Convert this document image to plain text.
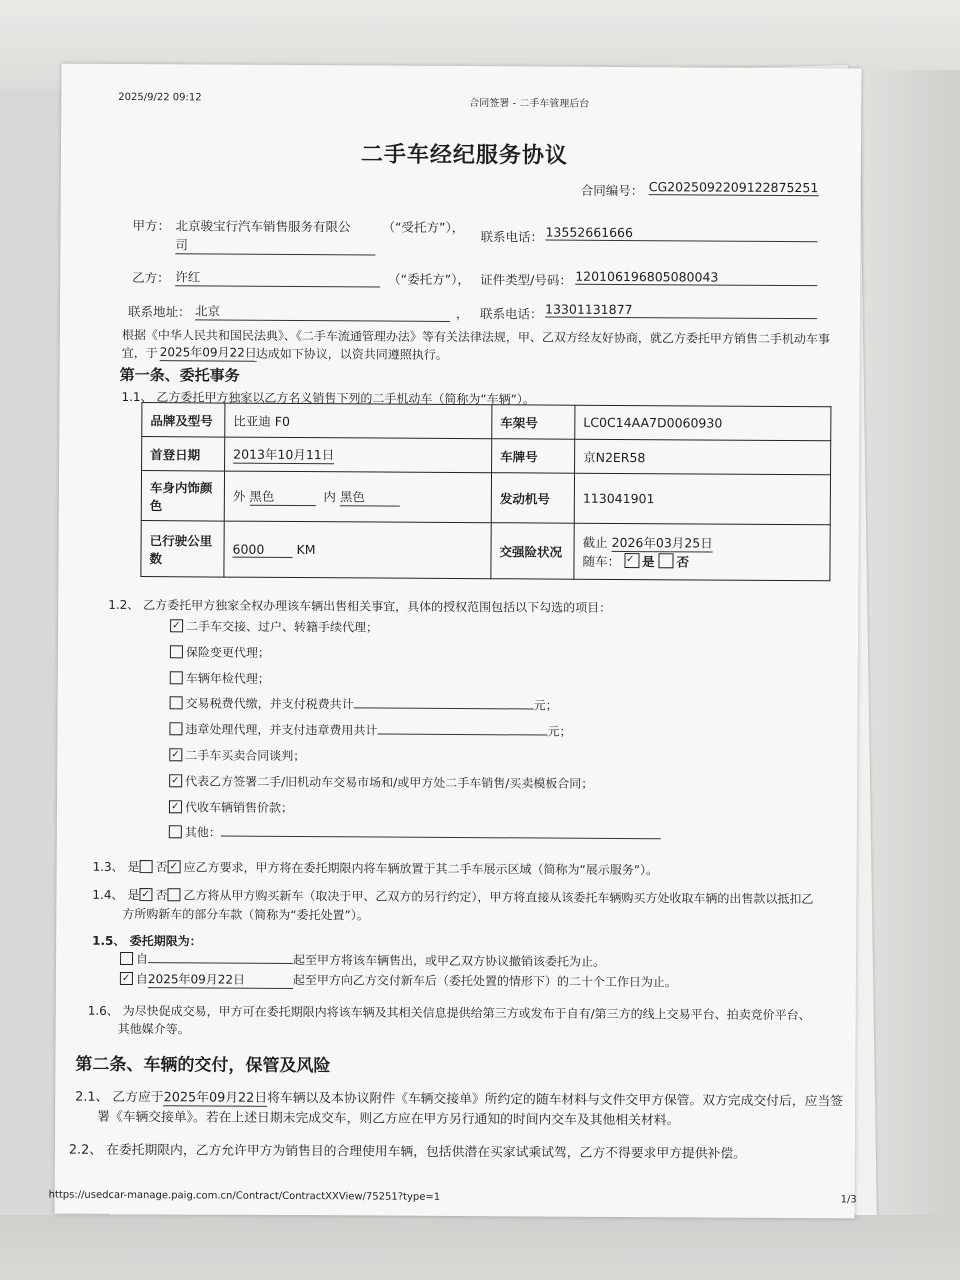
2025/9/22 09:12
合同签署 - 二手车管理后台
二手车经纪服务协议
合同编号： CG2025092209122875251
甲方： 北京骏宝行汽车销售服务有限公
司
（“受托方”），
联系电话： 13552661666
乙方： 许红	（“委托方”）， 证件类型/号码： 120106196805080043
联系地址： 北京	， 联系电话： 13301131877
根据《中华人民共和国民法典》、《二手车流通管理办法》等有关法律法规，甲、乙双方经友好协商，就乙方委托甲方销售二手机动车事
宜，于 2025年09月22日
达成如下协议，以资共同遵照执行。
第一条、委托事务
1.1、 乙方委托甲方独家以乙方名义销售下列的二手机动车（简称为“车辆”）。
品牌及型号	比亚迪 F0	车架号	LC0C14AA7D0060930
首登日期	2013年10月11日	车牌号	京N2ER58
车身内饰颜
色	外 黑色 内 黑色	发动机号	113041901
已行驶公里
数	6000 KM	交强险状况	截止 2026年03月25日
随车： ✓ 是 否
1.2、 乙方委托甲方独家全权办理该车辆出售相关事宜，具体的授权范围包括以下勾选的项目：
✓二手车交接、过户、转籍手续代理；
保险变更代理；
车辆年检代理；
交易税费代缴，并支付税费共计	元；
违章处理代理，并支付违章费用共计	元；
✓二手车买卖合同谈判；
✓代表乙方签署二手/旧机动车交易市场和/或甲方处二手车销售/买卖模板合同；
✓代收车辆销售价款；
其他：
1.3、 是 否 ✓ 应乙方要求，甲方将在委托期限内将车辆放置于其二手车展示区域（简称为“展示服务”）。
1.4、 是 ✓ 否 乙方将从甲方购买新车（取决于甲、乙双方的另行约定），甲方将直接从该委托车辆购买方处收取车辆的出售款以抵扣乙
方所购新车的部分车款（简称为“委托处置”）。
1.5、 委托期限为：
自	起至甲方将该车辆售出，或甲乙双方协议撤销该委托为止。
✓自2025年09月22日	起至甲方向乙方交付新车后（委托处置的情形下）的二十个工作日为止。
1.6、 为尽快促成交易，甲方可在委托期限内将该车辆及其相关信息提供给第三方或发布于自有/第三方的线上交易平台、拍卖竞价平台、
其他媒介等。
第二条、车辆的交付，保管及风险
2.1、 乙方应于2025年09月22日将车辆以及本协议附件《车辆交接单》所约定的随车材料与文件交甲方保管。双方完成交付后，应当签
署《车辆交接单》。若在上述日期未完成交车，则乙方应在甲方另行通知的时间内交车及其他相关材料。
2.2、 在委托期限内，乙方允许甲方为销售目的合理使用车辆，包括供潜在买家试乘试驾，乙方不得要求甲方提供补偿。
https://usedcar-manage.paig.com.cn/Contract/ContractXXView/75251?type=1	1/3
